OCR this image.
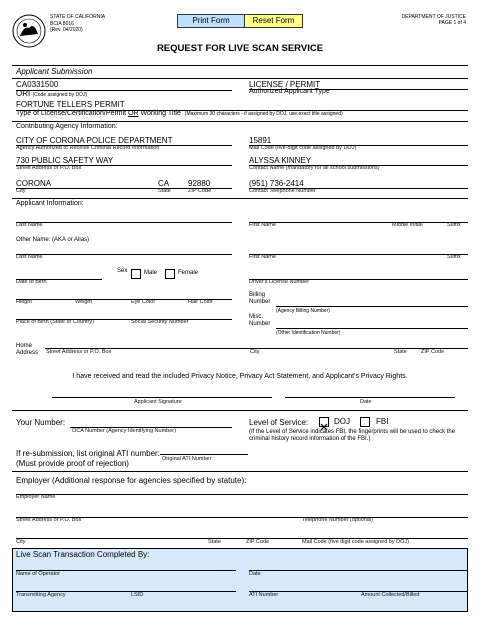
STATE OF CALIFORNIA
BCIA 8016
(Rev. 04/2020)
Print Form	Reset Form	DEPARTMENT OF JUSTICE
PAGE 1 of 4
REQUEST FOR LIVE SCAN SERVICE
Applicant Submission
CA0331500
ORI (Code assigned by DOJ)
LICENSE / PERMIT
Authorized Applicant Type
FORTUNE TELLERS PERMIT
Type of License/Certification/Permit OR Working Title (Maximum 30 characters - if assigned by DOJ, use exact title assigned)
Contributing Agency Information:
CITY OF CORONA POLICE DEPARTMENT
Agency Authorized to Receive Criminal Record Information
15891
Mail Code (five-digit code assigned by DOJ)
730 PUBLIC SAFETY WAY
Street Address or P.O. Box
ALYSSA KINNEY
Contact Name (mandatory for all school submissions)
CORONA	CA 92880
City	State	ZIP Code
(951) 736-2414
Contact Telephone Number
Applicant Information:
Last Name	First Name	Middle Initial	Suffix
Other Name: (AKA or Alias)
Last Name	First Name	Suffix
Sex	Male	Female
Date of Birth	Driver's License Number
Height	Weight	Eye Color	Hair Color
Billing
Number
(Agency Billing Number)
Place of Birth (State or Country)	Social Security Number
Misc.
Number
(Other Identification Number)
Home
Address Street Address or P.O. Box	City	State	ZIP Code
I have received and read the included Privacy Notice, Privacy Act Statement, and Applicant's Privacy Rights.
Applicant Signature	Date
Your Number:
OCA Number (Agency Identifying Number)
Level of Service:	DOJ	FBI
(If the Level of Service indicates FBI, the fingerprints will be used to check the
criminal history record information of the FBI.)
If re-submission, list original ATI number:
(Must provide proof of rejection)	Original ATI Number
Employer (Additional response for agencies specified by statute):
Employer Name
Street Address or P.O. Box	Telephone Number (optional)
City	State	ZIP Code	Mail Code (five digit code assigned by DOJ)
Live Scan Transaction Completed By:
Name of Operator	Date
Transmitting Agency	LSID	ATI Number	Amount Collected/Billed
